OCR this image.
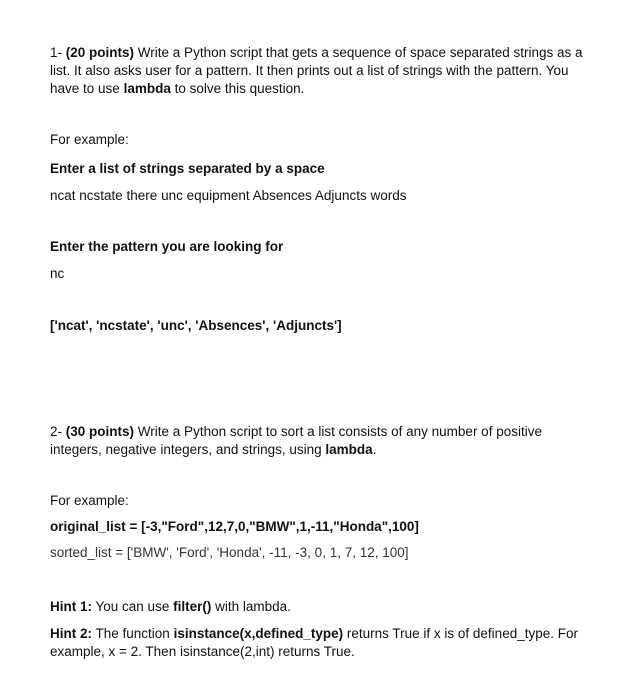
1- (20 points) Write a Python script that gets a sequence of space separated strings as a list. It also asks user for a pattern. It then prints out a list of strings with the pattern. You have to use lambda to solve this question.

For example:
Enter a list of strings separated by a space
ncat ncstate there unc equipment Absences Adjuncts words
Enter the pattern you are looking for
nc
['ncat', 'ncstate', 'unc', 'Absences', 'Adjuncts']

2- (30 points) Write a Python script to sort a list consists of any number of positive integers, negative integers, and strings, using lambda.

For example:
original_list = [-3,"Ford",12,7,0,"BMW",1,-11,"Honda",100]
sorted_list = ['BMW', 'Ford', 'Honda', -11, -3, 0, 1, 7, 12, 100]
Hint 1: You can use filter() with lambda.

Hint 2: The function isinstance(x,defined_type) returns True if x is of defined_type. For example, x = 2. Then isinstance(2,int) returns True.
